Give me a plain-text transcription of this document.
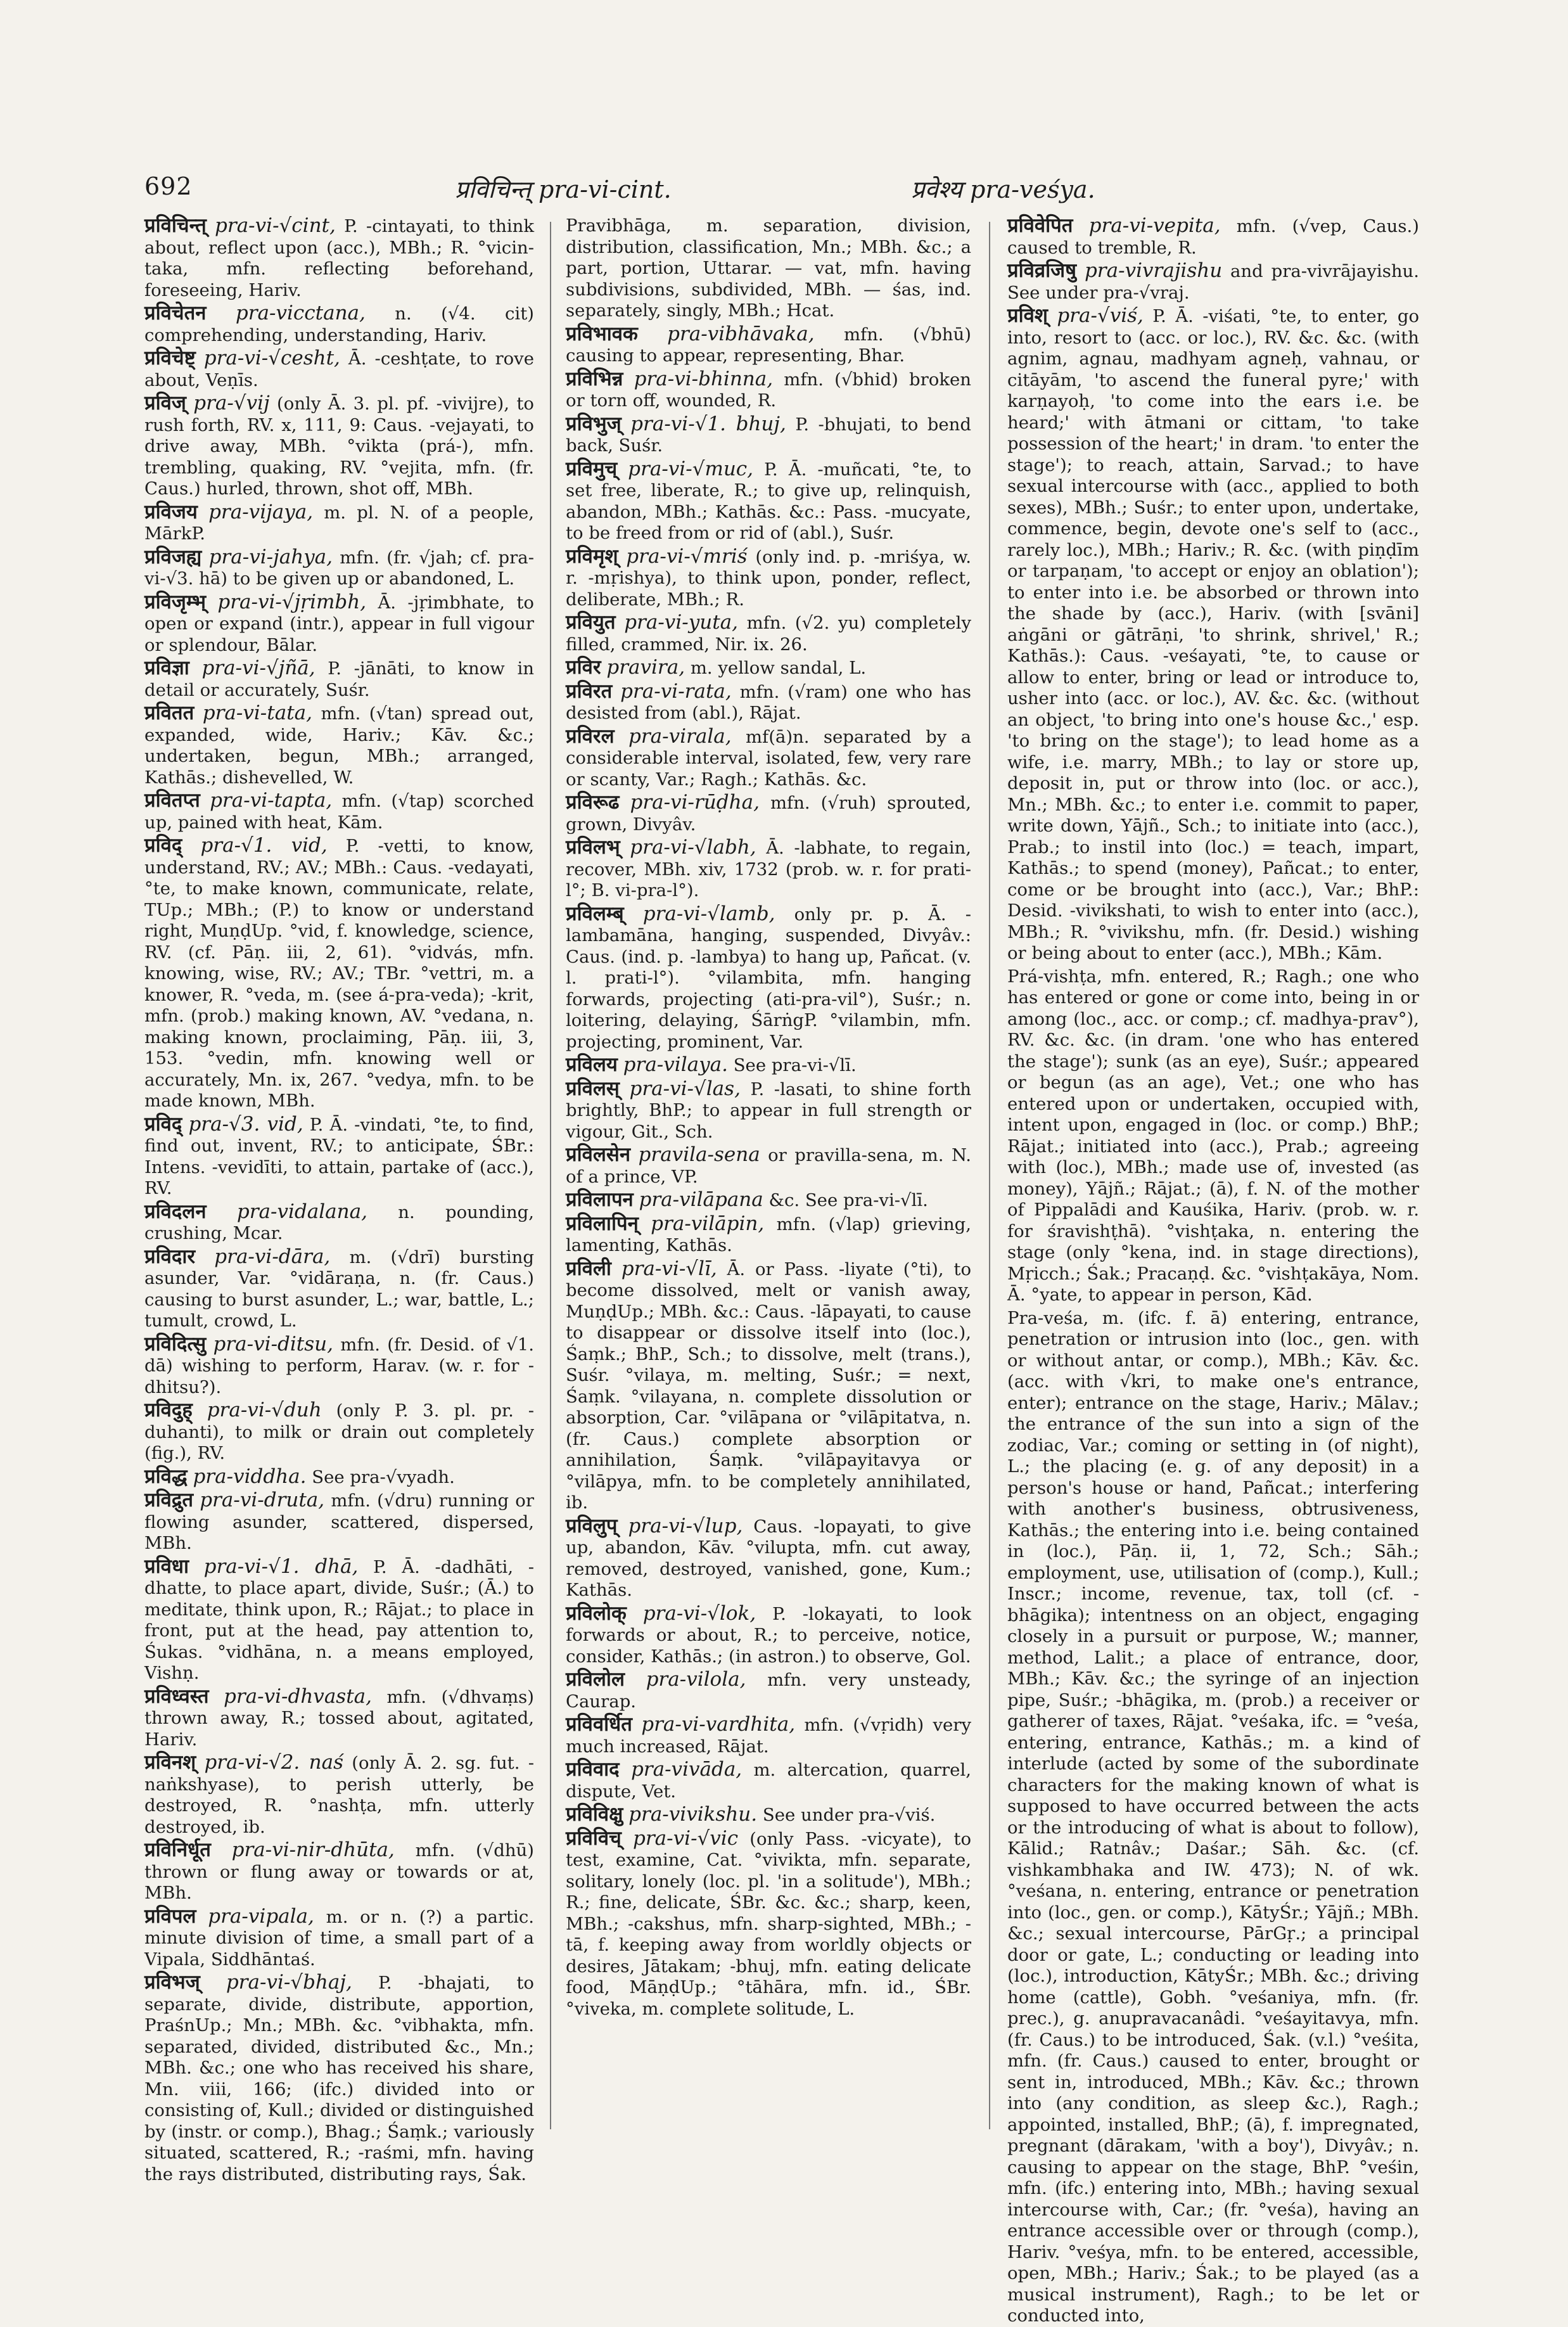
692	प्रविचिन्त् pra-vi-cint.	प्रवेश्य pra-veśya.

प्रविचिन्त् pra-vi-√cint, P. -cintayati, to think about, reflect upon (acc.), MBh.; R. °vicin-taka, mfn. reflecting beforehand, foreseeing, Hariv.

प्रविचेतन pra-vicctana, n. (√4. cit) comprehending, understanding, Hariv.

प्रविचेष्ट् pra-vi-√cesht, Ā. -ceshṭate, to rove about, Veṇīs.

प्रविज् pra-√vij (only Ā. 3. pl. pf. -vivijre), to rush forth, RV. x, 111, 9: Caus. -vejayati, to drive away, MBh. °vikta (prá-), mfn. trembling, quaking, RV. °vejita, mfn. (fr. Caus.) hurled, thrown, shot off, MBh.

प्रविजय pra-vijaya, m. pl. N. of a people, MārkP.

प्रविजह्य pra-vi-jahya, mfn. (fr. √jah; cf. pra-vi-√3. hā) to be given up or abandoned, L.

प्रविजृम्भ् pra-vi-√jṛimbh, Ā. -jṛimbhate, to open or expand (intr.), appear in full vigour or splendour, Bālar.

प्रविज्ञा pra-vi-√jñā, P. -jānāti, to know in detail or accurately, Suśr.

प्रवितत pra-vi-tata, mfn. (√tan) spread out, expanded, wide, Hariv.; Kāv. &c.; undertaken, begun, MBh.; arranged, Kathās.; dishevelled, W.

प्रवितप्त pra-vi-tapta, mfn. (√tap) scorched up, pained with heat, Kām.

प्रविद् pra-√1. vid, P. -vetti, to know, understand, RV.; AV.; MBh.: Caus. -vedayati, °te, to make known, communicate, relate, TUp.; MBh.; (P.) to know or understand right, MuṇḍUp. °vid, f. knowledge, science, RV. (cf. Pāṇ. iii, 2, 61). °vidvás, mfn. knowing, wise, RV.; AV.; TBr. °vettri, m. a knower, R. °veda, m. (see á-pra-veda); -krit, mfn. (prob.) making known, AV. °vedana, n. making known, proclaiming, Pāṇ. iii, 3, 153. °vedin, mfn. knowing well or accurately, Mn. ix, 267. °vedya, mfn. to be made known, MBh.

प्रविद् pra-√3. vid, P. Ā. -vindati, °te, to find, find out, invent, RV.; to anticipate, ŚBr.: Intens. -vevidīti, to attain, partake of (acc.), RV.

प्रविदलन pra-vidalana, n. pounding, crushing, Mcar.

प्रविदार pra-vi-dāra, m. (√drī) bursting asunder, Var. °vidāraṇa, n. (fr. Caus.) causing to burst asunder, L.; war, battle, L.; tumult, crowd, L.

प्रविदित्सु pra-vi-ditsu, mfn. (fr. Desid. of √1. dā) wishing to perform, Harav. (w. r. for -dhitsu?).

प्रविदुह् pra-vi-√duh (only P. 3. pl. pr. -duhanti), to milk or drain out completely (fig.), RV.

प्रविद्ध pra-viddha. See pra-√vyadh.

प्रविद्रुत pra-vi-druta, mfn. (√dru) running or flowing asunder, scattered, dispersed, MBh.

प्रविधा pra-vi-√1. dhā, P. Ā. -dadhāti, -dhatte, to place apart, divide, Suśr.; (Ā.) to meditate, think upon, R.; Rājat.; to place in front, put at the head, pay attention to, Śukas. °vidhāna, n. a means employed, Vishṇ.

प्रविध्वस्त pra-vi-dhvasta, mfn. (√dhvaṃs) thrown away, R.; tossed about, agitated, Hariv.

प्रविनश् pra-vi-√2. naś (only Ā. 2. sg. fut. -naṅkshyase), to perish utterly, be destroyed, R. °nashṭa, mfn. utterly destroyed, ib.

प्रविनिर्धूत pra-vi-nir-dhūta, mfn. (√dhū) thrown or flung away or towards or at, MBh.

प्रविपल pra-vipala, m. or n. (?) a partic. minute division of time, a small part of a Vipala, Siddhāntaś.

प्रविभज् pra-vi-√bhaj, P. -bhajati, to separate, divide, distribute, apportion, PraśnUp.; Mn.; MBh. &c. °vibhakta, mfn. separated, divided, distributed &c., Mn.; MBh. &c.; one who has received his share, Mn. viii, 166; (ifc.) divided into or consisting of, Kull.; divided or distinguished by (instr. or comp.), Bhag.; Śaṃk.; variously situated, scattered, R.; -raśmi, mfn. having the rays distributed, distributing rays, Śak.

Pravibhāga, m. separation, division, distribution, classification, Mn.; MBh. &c.; a part, portion, Uttarar. — vat, mfn. having subdivisions, subdivided, MBh. — śas, ind. separately, singly, MBh.; Hcat.

प्रविभावक pra-vibhāvaka, mfn. (√bhū) causing to appear, representing, Bhar.

प्रविभिन्न pra-vi-bhinna, mfn. (√bhid) broken or torn off, wounded, R.

प्रविभुज् pra-vi-√1. bhuj, P. -bhujati, to bend back, Suśr.

प्रविमुच् pra-vi-√muc, P. Ā. -muñcati, °te, to set free, liberate, R.; to give up, relinquish, abandon, MBh.; Kathās. &c.: Pass. -mucyate, to be freed from or rid of (abl.), Suśr.

प्रविमृश् pra-vi-√mriś (only ind. p. -mriśya, w. r. -mṛishya), to think upon, ponder, reflect, deliberate, MBh.; R.

प्रवियुत pra-vi-yuta, mfn. (√2. yu) completely filled, crammed, Nir. ix. 26.

प्रविर pravira, m. yellow sandal, L.

प्रविरत pra-vi-rata, mfn. (√ram) one who has desisted from (abl.), Rājat.

प्रविरल pra-virala, mf(ā)n. separated by a considerable interval, isolated, few, very rare or scanty, Var.; Ragh.; Kathās. &c.

प्रविरूढ pra-vi-rūḍha, mfn. (√ruh) sprouted, grown, Divyâv.

प्रविलभ् pra-vi-√labh, Ā. -labhate, to regain, recover, MBh. xiv, 1732 (prob. w. r. for prati-l°; B. vi-pra-l°).

प्रविलम्ब् pra-vi-√lamb, only pr. p. Ā. -lambamāna, hanging, suspended, Divyâv.: Caus. (ind. p. -lambya) to hang up, Pañcat. (v. l. prati-l°). °vilambita, mfn. hanging forwards, projecting (ati-pra-vil°), Suśr.; n. loitering, delaying, ŚārṅgP. °vilambin, mfn. projecting, prominent, Var.

प्रविलय pra-vilaya. See pra-vi-√lī.

प्रविलस् pra-vi-√las, P. -lasati, to shine forth brightly, BhP.; to appear in full strength or vigour, Git., Sch.

प्रविलसेन pravila-sena or pravilla-sena, m. N. of a prince, VP.

प्रविलापन pra-vilāpana &c. See pra-vi-√lī.

प्रविलापिन् pra-vilāpin, mfn. (√lap) grieving, lamenting, Kathās.

प्रविली pra-vi-√lī, Ā. or Pass. -liyate (°ti), to become dissolved, melt or vanish away, MuṇḍUp.; MBh. &c.: Caus. -lāpayati, to cause to disappear or dissolve itself into (loc.), Śaṃk.; BhP., Sch.; to dissolve, melt (trans.), Suśr. °vilaya, m. melting, Suśr.; = next, Śaṃk. °vilayana, n. complete dissolution or absorption, Car. °vilāpana or °vilāpitatva, n. (fr. Caus.) complete absorption or annihilation, Śaṃk. °vilāpayitavya or °vilāpya, mfn. to be completely annihilated, ib.

प्रविलुप् pra-vi-√lup, Caus. -lopayati, to give up, abandon, Kāv. °vilupta, mfn. cut away, removed, destroyed, vanished, gone, Kum.; Kathās.

प्रविलोक् pra-vi-√lok, P. -lokayati, to look forwards or about, R.; to perceive, notice, consider, Kathās.; (in astron.) to observe, Gol.

प्रविलोल pra-vilola, mfn. very unsteady, Caurap.

प्रविवर्धित pra-vi-vardhita, mfn. (√vṛidh) very much increased, Rājat.

प्रविवाद pra-vivāda, m. altercation, quarrel, dispute, Vet.

प्रविविक्षु pra-vivikshu. See under pra-√viś.

प्रविविच् pra-vi-√vic (only Pass. -vicyate), to test, examine, Cat. °vivikta, mfn. separate, solitary, lonely (loc. pl. 'in a solitude'), MBh.; R.; fine, delicate, ŚBr. &c. &c.; sharp, keen, MBh.; -cakshus, mfn. sharp-sighted, MBh.; -tā, f. keeping away from worldly objects or desires, Jātakam; -bhuj, mfn. eating delicate food, MāṇḍUp.; °tāhāra, mfn. id., ŚBr. °viveka, m. complete solitude, L.

प्रविवेपित pra-vi-vepita, mfn. (√vep, Caus.) caused to tremble, R.

प्रविव्रजिषु pra-vivrajishu and pra-vivrājayishu. See under pra-√vraj.

प्रविश् pra-√viś, P. Ā. -viśati, °te, to enter, go into, resort to (acc. or loc.), RV. &c. &c. (with agnim, agnau, madhyam agneḥ, vahnau, or citāyām, 'to ascend the funeral pyre;' with karṇayoḥ, 'to come into the ears i.e. be heard;' with ātmani or cittam, 'to take possession of the heart;' in dram. 'to enter the stage'); to reach, attain, Sarvad.; to have sexual intercourse with (acc., applied to both sexes), MBh.; Suśr.; to enter upon, undertake, commence, begin, devote one's self to (acc., rarely loc.), MBh.; Hariv.; R. &c. (with piṇḍīm or tarpaṇam, 'to accept or enjoy an oblation'); to enter into i.e. be absorbed or thrown into the shade by (acc.), Hariv. (with [svāni] aṅgāni or gātrāṇi, 'to shrink, shrivel,' R.; Kathās.): Caus. -veśayati, °te, to cause or allow to enter, bring or lead or introduce to, usher into (acc. or loc.), AV. &c. &c. (without an object, 'to bring into one's house &c.,' esp. 'to bring on the stage'); to lead home as a wife, i.e. marry, MBh.; to lay or store up, deposit in, put or throw into (loc. or acc.), Mn.; MBh. &c.; to enter i.e. commit to paper, write down, Yājñ., Sch.; to initiate into (acc.), Prab.; to instil into (loc.) = teach, impart, Kathās.; to spend (money), Pañcat.; to enter, come or be brought into (acc.), Var.; BhP.: Desid. -vivikshati, to wish to enter into (acc.), MBh.; R. °vivikshu, mfn. (fr. Desid.) wishing or being about to enter (acc.), MBh.; Kām.

Prá-vishṭa, mfn. entered, R.; Ragh.; one who has entered or gone or come into, being in or among (loc., acc. or comp.; cf. madhya-prav°), RV. &c. &c. (in dram. 'one who has entered the stage'); sunk (as an eye), Suśr.; appeared or begun (as an age), Vet.; one who has entered upon or undertaken, occupied with, intent upon, engaged in (loc. or comp.) BhP.; Rājat.; initiated into (acc.), Prab.; agreeing with (loc.), MBh.; made use of, invested (as money), Yājñ.; Rājat.; (ā), f. N. of the mother of Pippalādi and Kauśika, Hariv. (prob. w. r. for śravishṭhā). °vishṭaka, n. entering the stage (only °kena, ind. in stage directions), Mṛicch.; Śak.; Pracaṇḍ. &c. °vishṭakāya, Nom. Ā. °yate, to appear in person, Kād.

Pra-veśa, m. (ifc. f. ā) entering, entrance, penetration or intrusion into (loc., gen. with or without antar, or comp.), MBh.; Kāv. &c. (acc. with √kri, to make one's entrance, enter); entrance on the stage, Hariv.; Mālav.; the entrance of the sun into a sign of the zodiac, Var.; coming or setting in (of night), L.; the placing (e. g. of any deposit) in a person's house or hand, Pañcat.; interfering with another's business, obtrusiveness, Kathās.; the entering into i.e. being contained in (loc.), Pāṇ. ii, 1, 72, Sch.; Sāh.; employment, use, utilisation of (comp.), Kull.; Inscr.; income, revenue, tax, toll (cf. -bhāgika); intentness on an object, engaging closely in a pursuit or purpose, W.; manner, method, Lalit.; a place of entrance, door, MBh.; Kāv. &c.; the syringe of an injection pipe, Suśr.; -bhāgika, m. (prob.) a receiver or gatherer of taxes, Rājat. °veśaka, ifc. = °veśa, entering, entrance, Kathās.; m. a kind of interlude (acted by some of the subordinate characters for the making known of what is supposed to have occurred between the acts or the introducing of what is about to follow), Kālid.; Ratnâv.; Daśar.; Sāh. &c. (cf. vishkambhaka and IW. 473); N. of wk. °veśana, n. entering, entrance or penetration into (loc., gen. or comp.), KātyŚr.; Yājñ.; MBh. &c.; sexual intercourse, PārGṛ.; a principal door or gate, L.; conducting or leading into (loc.), introduction, KātyŚr.; MBh. &c.; driving home (cattle), Gobh. °veśaniya, mfn. (fr. prec.), g. anupravacanâdi. °veśayitavya, mfn. (fr. Caus.) to be introduced, Śak. (v.l.) °veśita, mfn. (fr. Caus.) caused to enter, brought or sent in, introduced, MBh.; Kāv. &c.; thrown into (any condition, as sleep &c.), Ragh.; appointed, installed, BhP.; (ā), f. impregnated, pregnant (dārakam, 'with a boy'), Divyâv.; n. causing to appear on the stage, BhP. °veśin, mfn. (ifc.) entering into, MBh.; having sexual intercourse with, Car.; (fr. °veśa), having an entrance accessible over or through (comp.), Hariv. °veśya, mfn. to be entered, accessible, open, MBh.; Hariv.; Śak.; to be played (as a musical instrument), Ragh.; to be let or conducted into,
